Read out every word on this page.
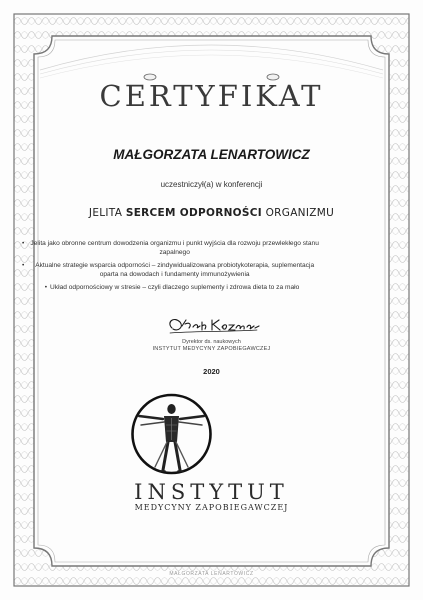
CERTYFIKAT
MAŁGORZATA LENARTOWICZ
uczestniczył(a) w konferencji
JELITA SERCEM ODPORNOŚCI ORGANIZMU
• Jelita jako obronne centrum dowodzenia organizmu i punkt wyjścia dla rozwoju przewlekłego stanu zapalnego
•	Aktualne strategie wsparcia odporności – zindywidualizowana probiotykoterapia, suplementacja oparta na dowodach i fundamenty immunożywienia
• Układ odpornościowy w stresie – czyli dlaczego suplementy i zdrowa dieta to za mało
Dyrektor ds. naukowych
INSTYTUT MEDYCYNY ZAPOBIEGAWCZEJ
2020
INSTYTUT
MEDYCYNY ZAPOBIEGAWCZEJ
MAŁGORZATA LENARTOWICZ
